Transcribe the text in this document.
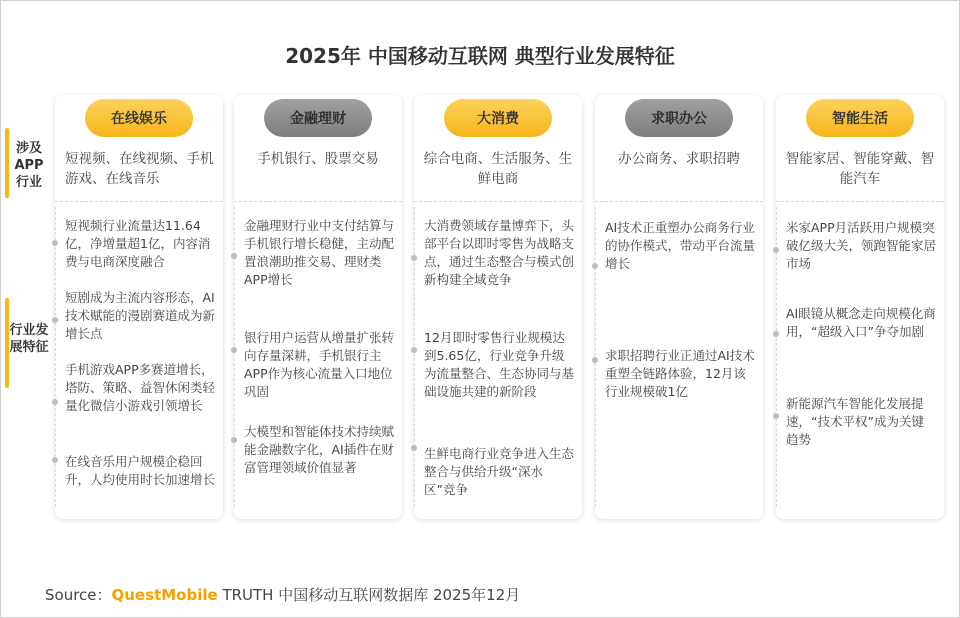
2025年 中国移动互联网 典型行业发展特征
涉及APP行业
行业发展特征
在线娱乐
短视频、在线视频、手机游戏、在线音乐
短视频行业流量达11.64亿，净增量超1亿，内容消费与电商深度融合
短剧成为主流内容形态，AI技术赋能的漫剧赛道成为新增长点
手机游戏APP多赛道增长，塔防、策略、益智休闲类轻量化微信小游戏引领增长
在线音乐用户规模企稳回升，人均使用时长加速增长
金融理财
手机银行、股票交易
金融理财行业中支付结算与手机银行增长稳健，主动配置浪潮助推交易、理财类APP增长
银行用户运营从增量扩张转向存量深耕，手机银行主APP作为核心流量入口地位巩固
大模型和智能体技术持续赋能金融数字化，AI插件在财富管理领域价值显著
大消费
综合电商、生活服务、生鲜电商
大消费领域存量博弈下，头部平台以即时零售为战略支点，通过生态整合与模式创新构建全域竞争
12月即时零售行业规模达到5.65亿，行业竞争升级为流量整合、生态协同与基础设施共建的新阶段
生鲜电商行业竞争进入生态整合与供给升级“深水区”竞争
求职办公
办公商务、求职招聘
AI技术正重塑办公商务行业的协作模式，带动平台流量增长
求职招聘行业正通过AI技术重塑全链路体验，12月该行业规模破1亿
智能生活
智能家居、智能穿戴、智能汽车
米家APP月活跃用户规模突破亿级大关，领跑智能家居市场
AI眼镜从概念走向规模化商用，“超级入口”争夺加剧
新能源汽车智能化发展提速，“技术平权”成为关键趋势
Source：QuestMobile TRUTH 中国移动互联网数据库 2025年12月
